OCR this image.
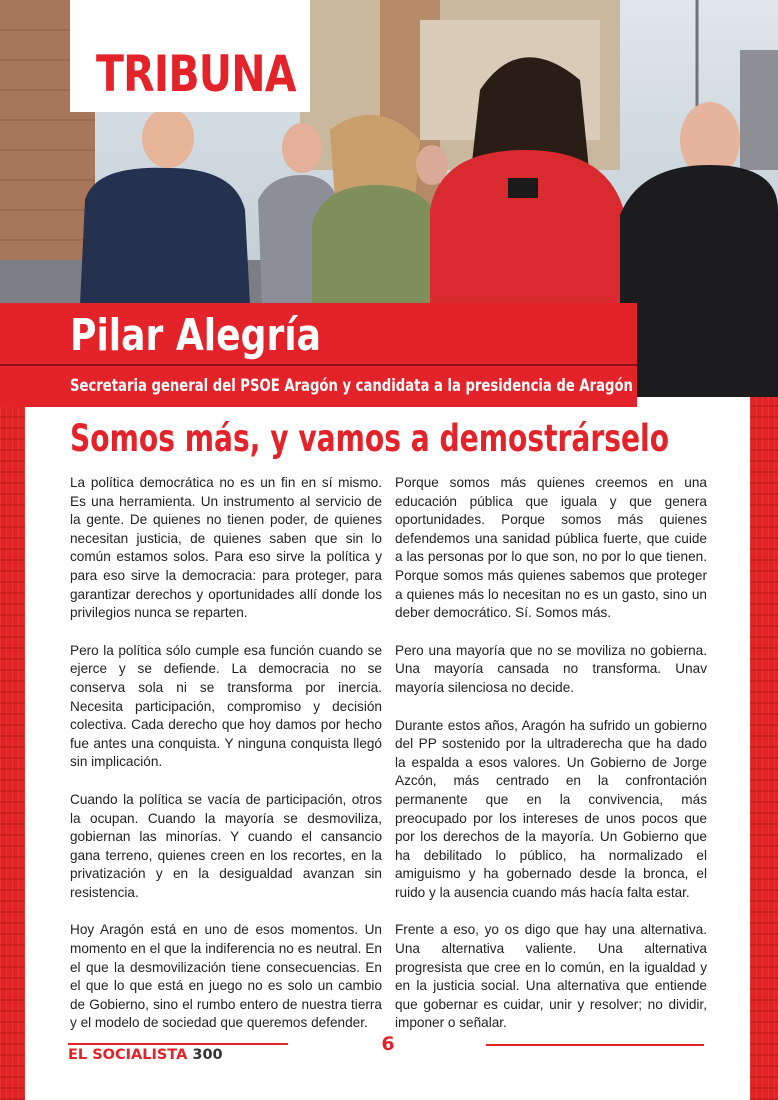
TRIBUNA
Pilar Alegría
Secretaria general del PSOE Aragón y candidata a la presidencia de Aragón
Somos más, y vamos a demostrárselo

La política democrática no es un fin en sí mismo. Es una herramienta. Un instrumento al servicio de la gente. De quienes no tienen poder, de quienes necesitan justicia, de quienes saben que sin lo común estamos solos. Para eso sirve la política y para eso sirve la democracia: para proteger, para garantizar derechos y oportunidades allí donde los privilegios nunca se reparten.

Pero la política sólo cumple esa función cuando se ejerce y se defiende. La democracia no se conserva sola ni se transforma por inercia. Necesita participación, compromiso y decisión colectiva. Cada derecho que hoy damos por hecho fue antes una conquista. Y ninguna conquista llegó sin implicación.

Cuando la política se vacía de participación, otros la ocupan. Cuando la mayoría se desmoviliza, gobiernan las minorías. Y cuando el cansancio gana terreno, quienes creen en los recortes, en la privatización y en la desigualdad avanzan sin resistencia.

Hoy Aragón está en uno de esos momentos. Un momento en el que la indiferencia no es neutral. En el que la desmovilización tiene consecuencias. En el que lo que está en juego no es solo un cambio de Gobierno, sino el rumbo entero de nuestra tierra y el modelo de sociedad que queremos defender.

Porque somos más quienes creemos en una educación pública que iguala y que genera oportunidades. Porque somos más quienes defendemos una sanidad pública fuerte, que cuide a las personas por lo que son, no por lo que tienen. Porque somos más quienes sabemos que proteger a quienes más lo necesitan no es un gasto, sino un deber democrático. Sí. Somos más.

Pero una mayoría que no se moviliza no gobierna. Una mayoría cansada no transforma. Unav mayoría silenciosa no decide.

Durante estos años, Aragón ha sufrido un gobierno del PP sostenido por la ultraderecha que ha dado la espalda a esos valores. Un Gobierno de Jorge Azcón, más centrado en la confrontación permanente que en la convivencia, más preocupado por los intereses de unos pocos que por los derechos de la mayoría. Un Gobierno que ha debilitado lo público, ha normalizado el amiguismo y ha gobernado desde la bronca, el ruido y la ausencia cuando más hacía falta estar.

Frente a eso, yo os digo que hay una alternativa. Una alternativa valiente. Una alternativa progresista que cree en lo común, en la igualdad y en la justicia social. Una alternativa que entiende que gobernar es cuidar, unir y resolver; no dividir, imponer o señalar.

EL SOCIALISTA 300	6
